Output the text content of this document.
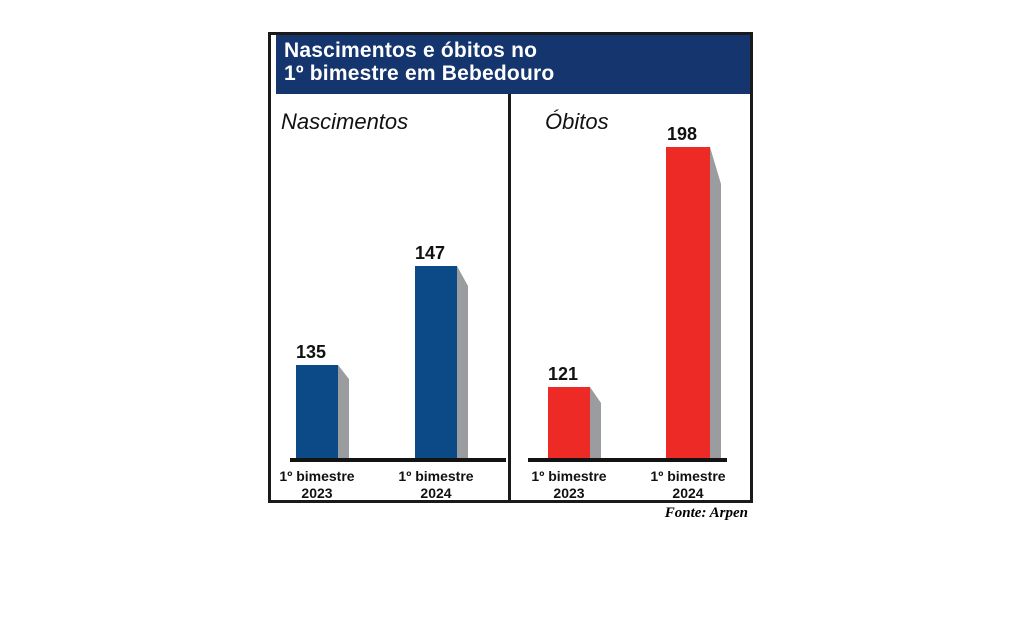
Nascimentos e óbitos no
1º bimestre em Bebedouro
Nascimentos
135
1º bimestre
2023
147
1º bimestre
2024
Óbitos
121
1º bimestre
2023
198
1º bimestre
2024
Fonte: Arpen
